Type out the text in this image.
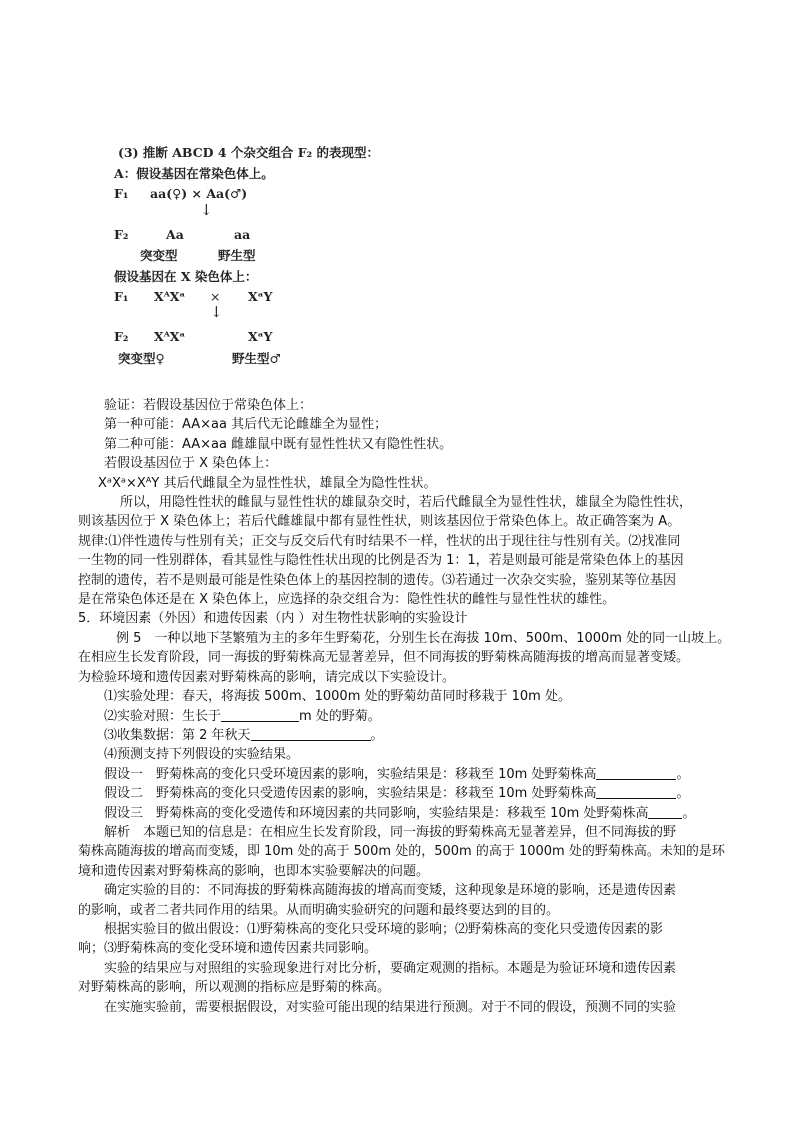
(3) 推断 ABCD 4 个杂交组合 F₂ 的表现型：
A：假设基因在常染色体上。
F₁ aa(♀) × Aa(♂)
↓
F₂	Aa	aa
突变型	野生型
假设基因在 X 染色体上：
F₁ XᴬXᵃ × XᵃY
↓
F₂ XᴬXᵃ	XᵃY
突变型♀	野生型♂

验证：若假设基因位于常染色体上：

第一种可能：AA×aa 其后代无论雌雄全为显性；

第二种可能：AA×aa 雌雄鼠中既有显性性状又有隐性性状。

若假设基因位于 X 染色体上：

XᵃXᵃ×XᴬY 其后代雌鼠全为显性性状，雄鼠全为隐性性状。

所以，用隐性性状的雌鼠与显性性状的雄鼠杂交时，若后代雌鼠全为显性性状，雄鼠全为隐性性状，

则该基因位于 X 染色体上；若后代雌雄鼠中都有显性性状，则该基因位于常染色体上。故正确答案为 A。

规律:⑴伴性遗传与性别有关；正交与反交后代有时结果不一样，性状的出于现往往与性别有关。⑵找准同

一生物的同一性别群体，看其显性与隐性性状出现的比例是否为 1：1，若是则最可能是常染色体上的基因

控制的遗传，若不是则最可能是性染色体上的基因控制的遗传。⑶若通过一次杂交实验，鉴别某等位基因

是在常染色体还是在 X 染色体上，应选择的杂交组合为：隐性性状的雌性与显性性状的雄性。

5．环境因素（外因）和遗传因素（内 ）对生物性状影响的实验设计

例 5　一种以地下茎繁殖为主的多年生野菊花，分别生长在海拔 10m、500m、1000m 处的同一山坡上。

在相应生长发育阶段，同一海拔的野菊株高无显著差异，但不同海拔的野菊株高随海拔的增高而显著变矮。

为检验环境和遗传因素对野菊株高的影响，请完成以下实验设计。

⑴实验处理：春天，将海拔 500m、1000m 处的野菊幼苗同时移栽于 10m 处。

⑵实验对照：生长于	m 处的野菊。

⑶收集数据：第 2 年秋天	。

⑷预测支持下列假设的实验结果。

假设一　野菊株高的变化只受环境因素的影响，实验结果是：移栽至 10m 处野菊株高	。

假设二　野菊株高的变化只受遗传因素的影响，实验结果是：移栽至 10m 处野菊株高	。

假设三　野菊株高的变化受遗传和环境因素的共同影响，实验结果是：移栽至 10m 处野菊株高	。

解析　本题已知的信息是：在相应生长发育阶段，同一海拔的野菊株高无显著差异，但不同海拔的野

菊株高随海拔的增高而变矮，即 10m 处的高于 500m 处的，500m 的高于 1000m 处的野菊株高。未知的是环

境和遗传因素对野菊株高的影响，也即本实验要解决的问题。

确定实验的目的：不同海拔的野菊株高随海拔的增高而变矮，这种现象是环境的影响，还是遗传因素

的影响，或者二者共同作用的结果。从而明确实验研究的问题和最终要达到的目的。

根据实验目的做出假设：⑴野菊株高的变化只受环境的影响；⑵野菊株高的变化只受遗传因素的影

响；⑶野菊株高的变化受环境和遗传因素共同影响。

实验的结果应与对照组的实验现象进行对比分析，要确定观测的指标。本题是为验证环境和遗传因素

对野菊株高的影响，所以观测的指标应是野菊的株高。

在实施实验前，需要根据假设，对实验可能出现的结果进行预测。对于不同的假设，预测不同的实验
